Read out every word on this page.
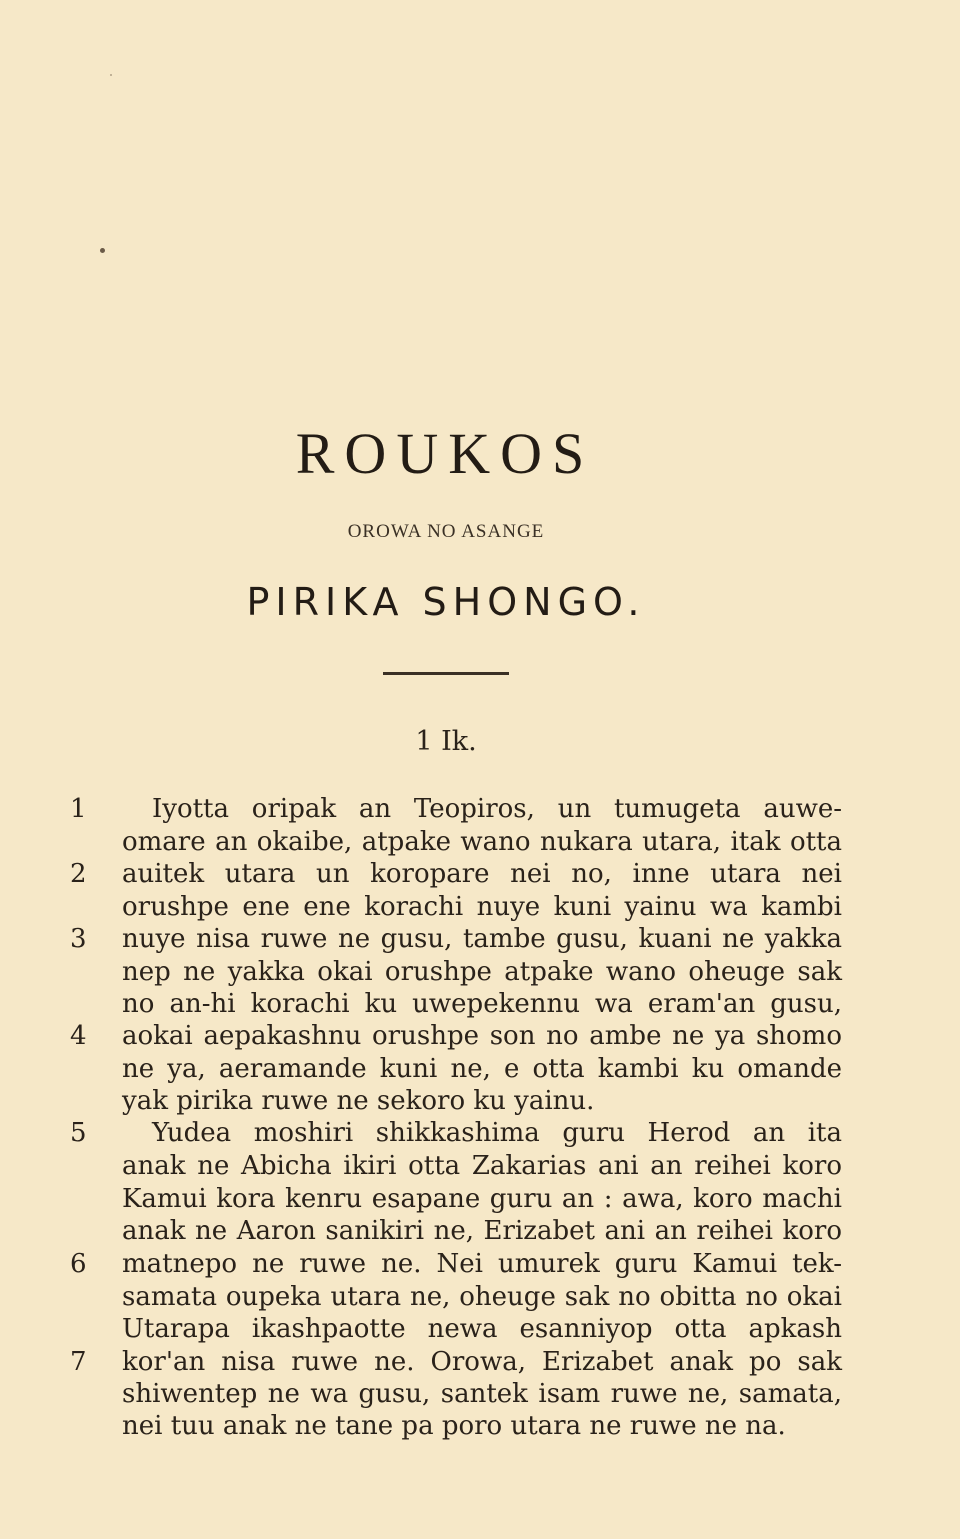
ROUKOS
OROWA NO ASANGE
PIRIKA SHONGO.
1 Ik.
1
2
3
4
5
6
7
Iyotta oripak an Teopiros, un tumugeta auwe-
omare an okaibe, atpake wano nukara utara, itak otta
auitek utara un koropare nei no, inne utara nei
orushpe ene ene korachi nuye kuni yainu wa kambi
nuye nisa ruwe ne gusu, tambe gusu, kuani ne yakka
nep ne yakka okai orushpe atpake wano oheuge sak
no an-hi korachi ku uwepekennu wa eram'an gusu,
aokai aepakashnu orushpe son no ambe ne ya shomo
ne ya, aeramande kuni ne, e otta kambi ku omande
yak pirika ruwe ne sekoro ku yainu.
Yudea moshiri shikkashima guru Herod an ita
anak ne Abicha ikiri otta Zakarias ani an reihei koro
Kamui kora kenru esapane guru an : awa, koro machi
anak ne Aaron sanikiri ne, Erizabet ani an reihei koro
matnepo ne ruwe ne. Nei umurek guru Kamui tek-
samata oupeka utara ne, oheuge sak no obitta no okai
Utarapa ikashpaotte newa esanniyop otta apkash
kor'an nisa ruwe ne. Orowa, Erizabet anak po sak
shiwentep ne wa gusu, santek isam ruwe ne, samata,
nei tuu anak ne tane pa poro utara ne ruwe ne na.
